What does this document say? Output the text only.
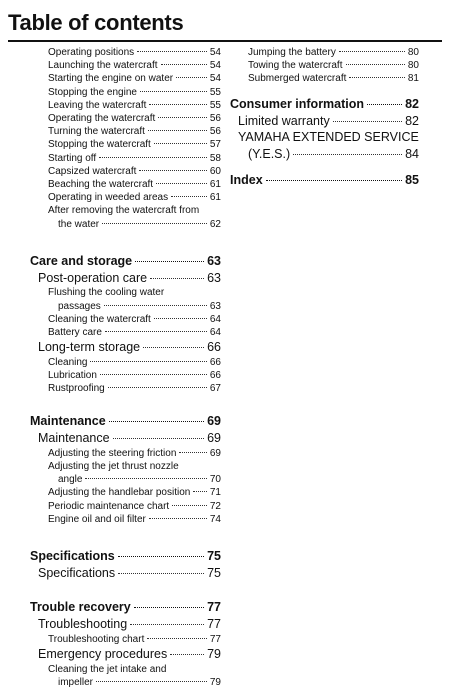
Table of contents
Operating positions	54
Launching the watercraft	54
Starting the engine on water	54
Stopping the engine	55
Leaving the watercraft	55
Operating the watercraft	56
Turning the watercraft	56
Stopping the watercraft	57
Starting off	58
Capsized watercraft	60
Beaching the watercraft	61
Operating in weeded areas	61
After removing the watercraft from
the water	62
Care and storage	63
Post-operation care	63
Flushing the cooling water
passages	63
Cleaning the watercraft	64
Battery care	64
Long-term storage	66
Cleaning	66
Lubrication	66
Rustproofing	67
Maintenance	69
Maintenance	69
Adjusting the steering friction	69
Adjusting the jet thrust nozzle
angle	70
Adjusting the handlebar position 71
Periodic maintenance chart	72
Engine oil and oil filter	74
Specifications	75
Specifications	75
Trouble recovery	77
Troubleshooting	77
Troubleshooting chart	77
Emergency procedures	79
Cleaning the jet intake and
impeller	79
Jumping the battery	80
Towing the watercraft	80
Submerged watercraft	81
Consumer information	82
Limited warranty	82
YAMAHA EXTENDED SERVICE
(Y.E.S.)	84
Index	85
